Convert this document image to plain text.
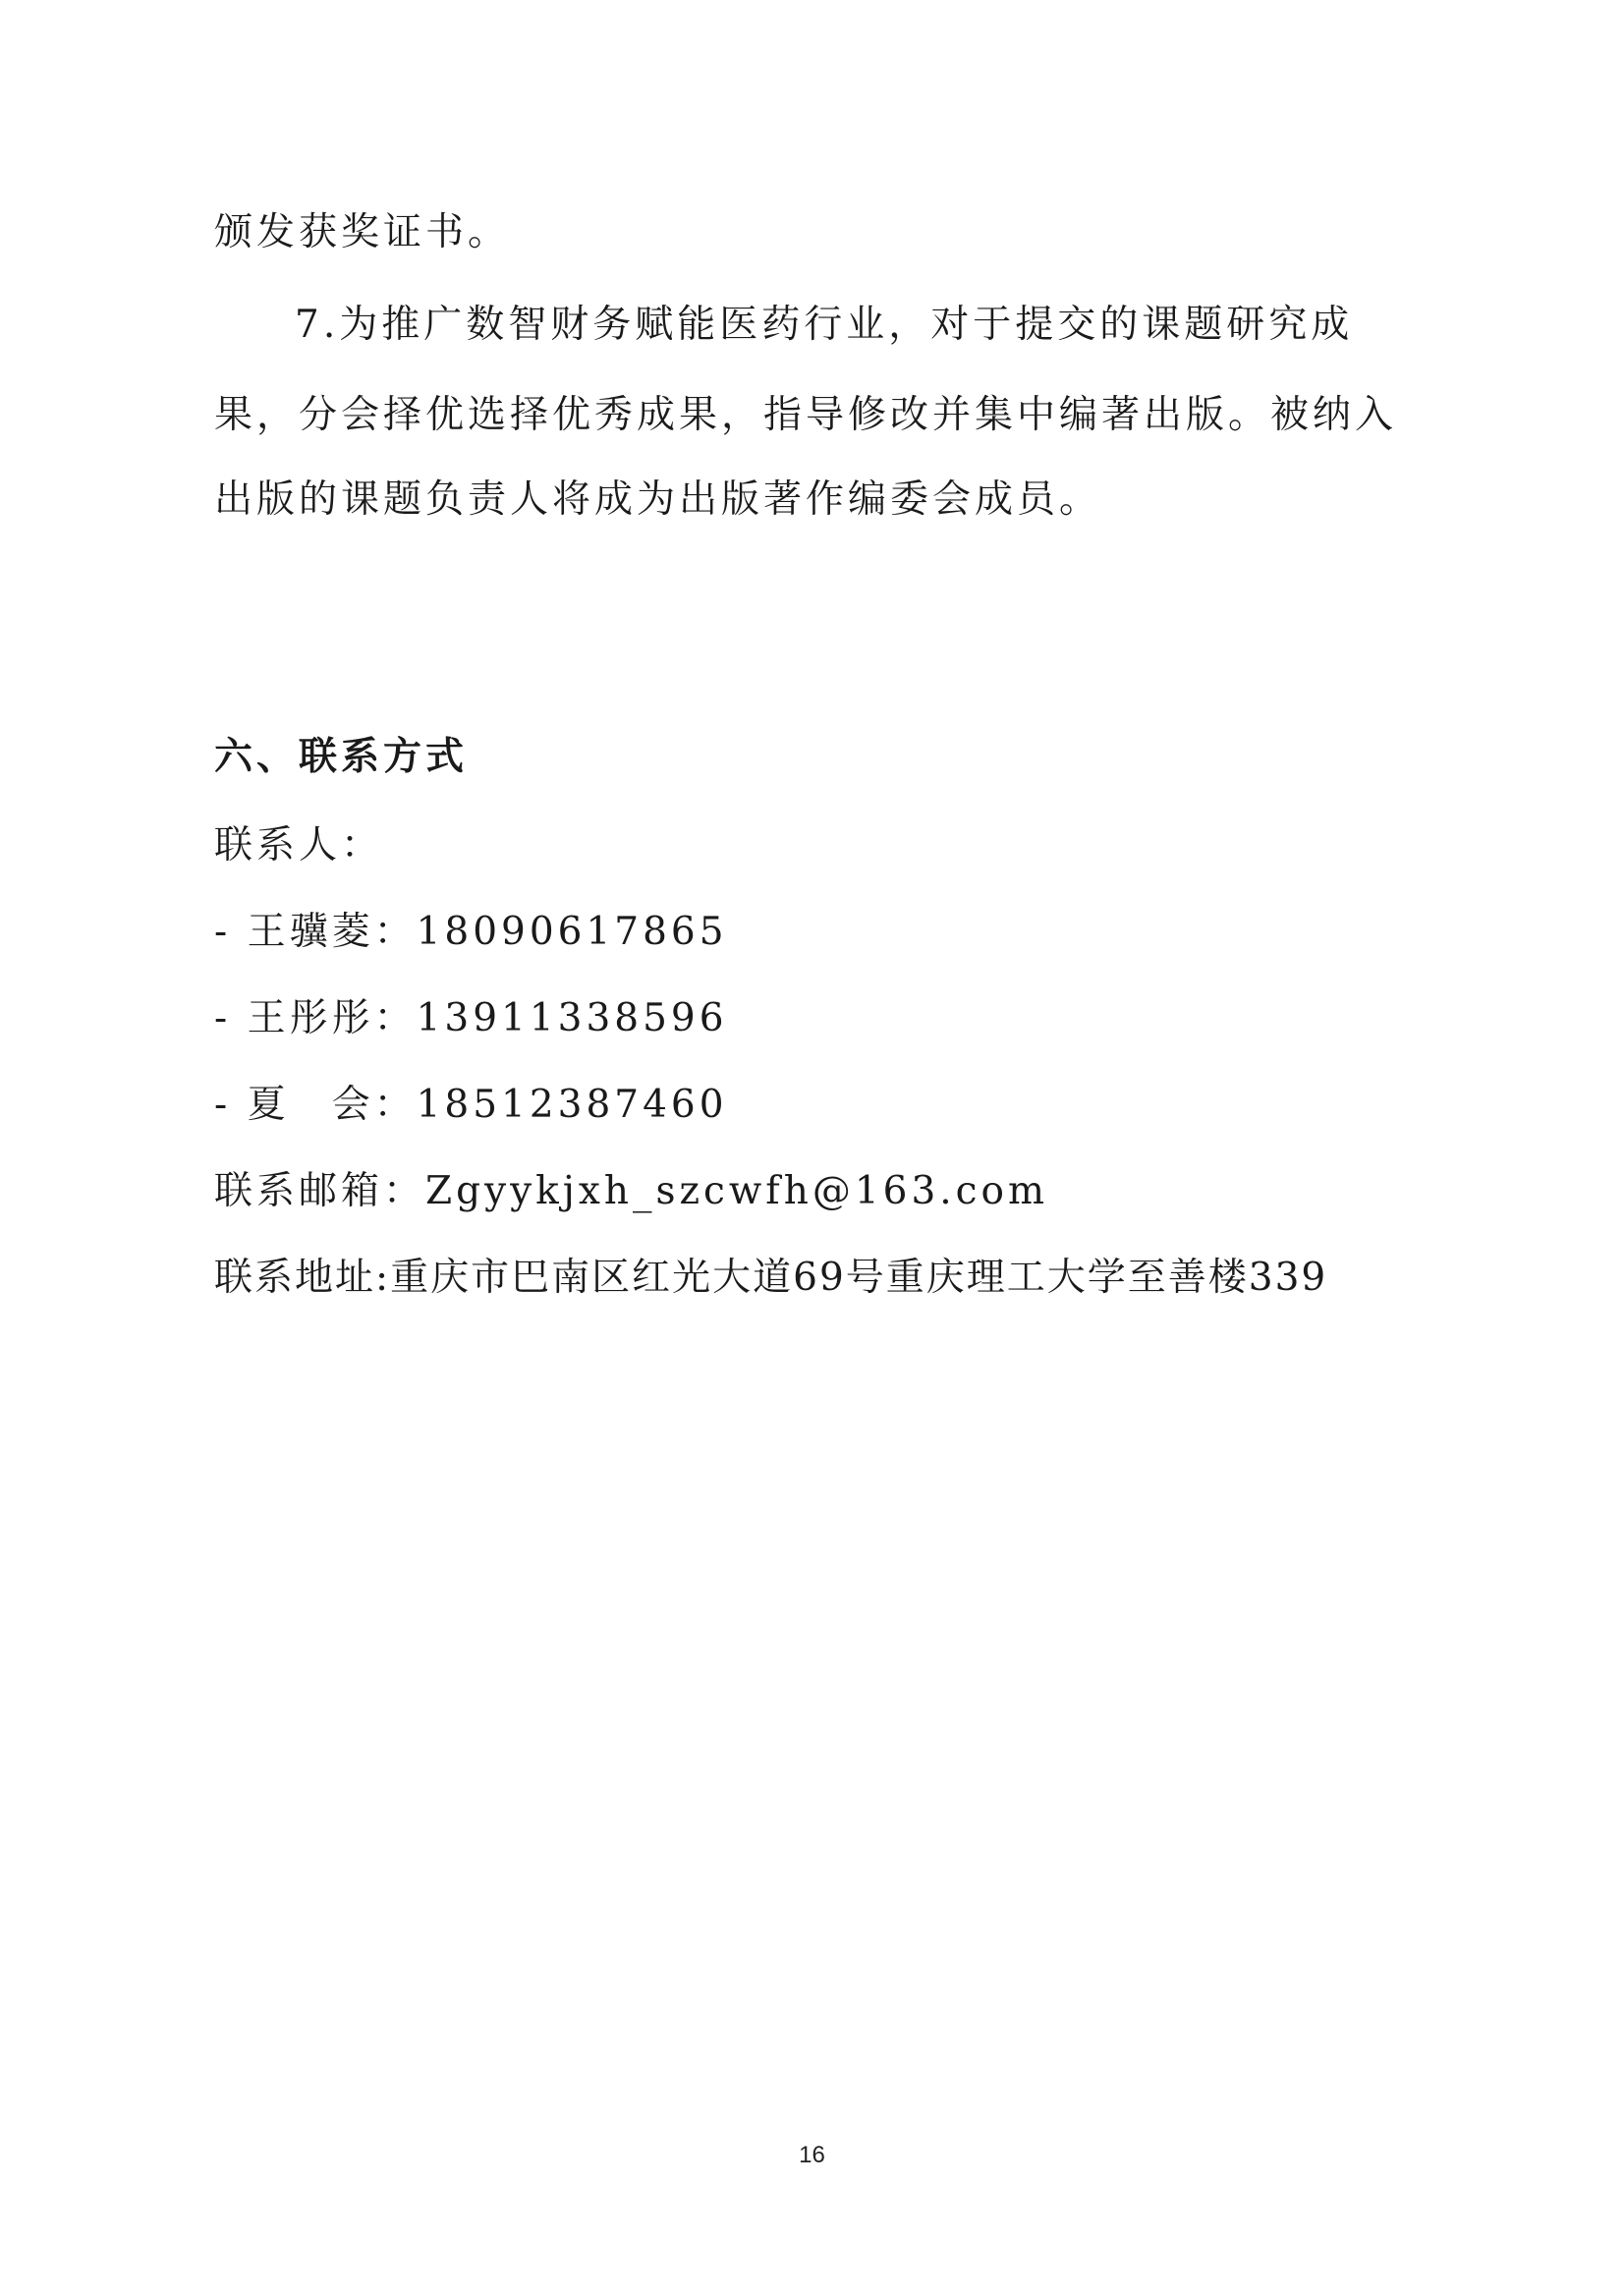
颁发获奖证书。
7.为推广数智财务赋能医药行业，对于提交的课题研究成
果，分会择优选择优秀成果，指导修改并集中编著出版。被纳入
出版的课题负责人将成为出版著作编委会成员。
六、联系方式
联系人：
- 王骥菱：18090617865
- 王彤彤：13911338596
- 夏　会：18512387460
联系邮箱：Zgyykjxh_szcwfh@163.com
联系地址:重庆市巴南区红光大道69号重庆理工大学至善楼339
16
